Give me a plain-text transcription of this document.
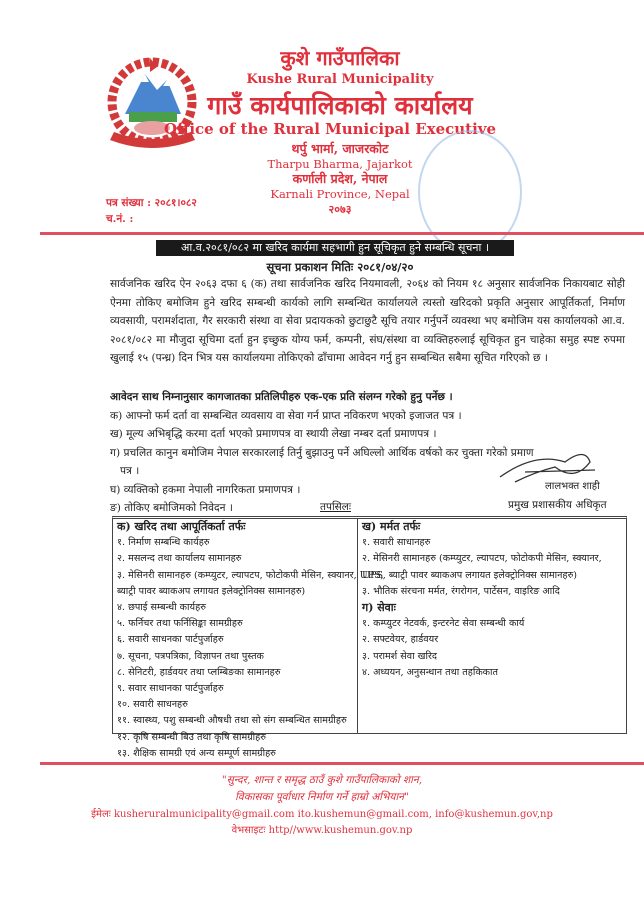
कुशे गाउँपालिका
Kushe Rural Municipality
गाउँ कार्यपालिकाको कार्यालय
Office of the Rural Municipal Executive
थर्पु भार्मा, जाजरकोट
Tharpu Bharma, Jajarkot
कर्णाली प्रदेश, नेपाल
Karnali Province, Nepal
२०७३
पत्र संख्या : २०८१।०८२
च.नं. :
आ.व.२०८१/०८२ मा खरिद कार्यमा सहभागी हुन सूचिकृत हुने सम्बन्धि सूचना ।
सूचना प्रकाशन मितिः २०८१/०४/२०
सार्वजनिक खरिद ऐन २०६३ दफा ६ (क) तथा सार्वजनिक खरिद नियमावली, २०६४ को नियम १८ अनुसार सार्वजनिक निकायबाट सोही ऐनमा तोकिए बमोजिम हुने खरिद सम्बन्धी कार्यको लागि सम्बन्धित कार्यालयले त्यस्तो खरिदको प्रकृति अनुसार आपूर्तिकर्ता, निर्माण व्यवसायी, परामर्शदाता, गैर सरकारी संस्था वा सेवा प्रदायकको छुटाछुटै सूचि तयार गर्नुपर्ने व्यवस्था भए बमोजिम यस कार्यालयको आ.व. २०८१/०८२ मा मौजुदा सूचिमा दर्ता हुन इच्छुक योग्य फर्म, कम्पनी, संघ/संस्था वा व्यक्तिहरुलाई सूचिकृत हुन चाहेका समुह स्पष्ट रुपमा खुलाई १५ (पन्ध्र) दिन भित्र यस कार्यालयमा तोकिएको ढाँचामा आवेदन गर्नु हुन सम्बन्धित सबैमा सूचित गरिएको छ ।
आवेदन साथ निम्नानुसार कागजातका प्रतिलिपीहरु एक-एक प्रति संलग्न गरेको हुनु पर्नेछ ।
क) आफ्नो फर्म दर्ता वा सम्बन्धित व्यवसाय वा सेवा गर्न प्राप्त नविकरण भएको इजाजत पत्र ।
ख) मूल्य अभिबृद्धि करमा दर्ता भएको प्रमाणपत्र वा स्थायी लेखा नम्बर दर्ता प्रमाणपत्र ।
ग) प्रचलित कानुन बमोजिम नेपाल सरकारलाई तिर्नु बुझाउनु पर्ने अघिल्लो आर्थिक वर्षको कर चुक्ता गरेको प्रमाण
पत्र ।
घ) व्यक्तिको हकमा नेपाली नागरिकता प्रमाणपत्र ।
ङ) तोकिए बमोजिमको निवेदन ।
लालभक्त शाही
प्रमुख प्रशासकीय अधिकृत
तपसिलः
क) खरिद तथा आपूर्तिकर्ता तर्फः
१. निर्माण सम्बन्धि कार्यहरु
२. मसलन्द तथा कार्यालय सामानहरु
३. मेसिनरी सामानहरु (कम्प्युटर, ल्यापटप, फोटोकपी मेसिन, स्क्यानर, UPS,
ब्याट्री पावर ब्याकअप लगायत इलेक्ट्रोनिक्स सामानहरु)
४. छपाई सम्बन्धी कार्यहरु
५. फर्निचर तथा फर्निसिङ्का सामग्रीहरु
६. सवारी साधनका पार्टपुर्जाहरु
७. सूचना, पत्रपत्रिका, विज्ञापन तथा पुस्तक
८. सेनिटरी, हार्डवयर तथा प्लम्बिङका सामानहरु
९. सवार साधानका पार्टपुर्जाहरु
१०. सवारी साधनहरु
११. स्वास्थ्य, पशु सम्बन्धी औषधी तथा सो संग सम्बन्धित सामग्रीहरु
१२. कृषि सम्बन्धी बिउ तथा कृषि सामग्रीहरु
१३. शैक्षिक सामग्री एवं अन्य सम्पूर्ण सामग्रीहरु
ख) मर्मत तर्फः
१. सवारी साधानहरु
२. मेसिनरी सामानहरु (कम्प्युटर, ल्यापटप, फोटोकपी मेसिन, स्क्यानर,
UPS, ब्याट्री पावर ब्याकअप लगायत इलेक्ट्रोनिक्स सामानहरु)
३. भौतिक संरचना मर्मत, रंगरोगन, पार्टेसन, वाइरिङ आदि
ग) सेवाः
१. कम्प्युटर नेटवर्क, इन्टरनेट सेवा सम्बन्धी कार्य
२. सफ्टवेयर, हार्डवयर
३. परामर्श सेवा खरिद
४. अध्ययन, अनुसन्धान तथा तहकिकात
"सुन्दर, शान्त र समृद्ध ठाउँ कुशे गाउँपालिकाको शान,
विकासका पूर्वाधार निर्माण गर्ने हाम्रो अभियान"
ईमेलः kusheruralmunicipality@gmail.com ito.kushemun@gmail.com, info@kushemun.gov,np
वेभसाइटः http//www.kushemun.gov.np
